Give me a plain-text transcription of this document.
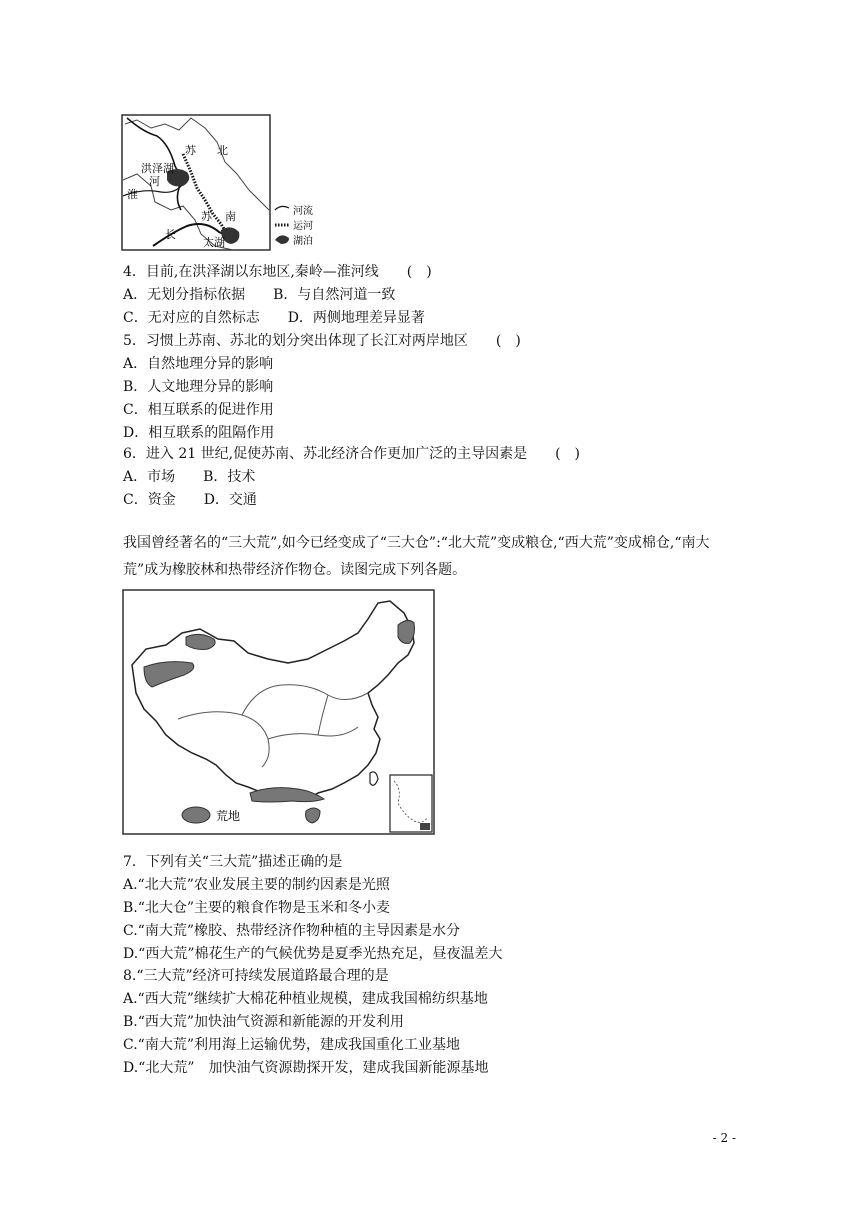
苏 北
洪泽湖
河
淮
苏 南
长
太湖
河流
运河
湖泊
4．目前,在洪泽湖以东地区,秦岭—淮河线　　(　)
A．无划分指标依据　　B．与自然河道一致
C．无对应的自然标志　　D．两侧地理差异显著
5．习惯上苏南、苏北的划分突出体现了长江对两岸地区　　(　)
A．自然地理分异的影响
B．人文地理分异的影响
C．相互联系的促进作用
D．相互联系的阻隔作用
6．进入 21 世纪,促使苏南、苏北经济合作更加广泛的主导因素是　　(　)
A．市场　　B．技术
C．资金　　D．交通
我国曾经著名的“三大荒”,如今已经变成了“三大仓”:“北大荒”变成粮仓,“西大荒”变成棉仓,“南大荒”成为橡胶林和热带经济作物仓。读图完成下列各题。
荒地
7．下列有关“三大荒”描述正确的是
A.“北大荒”农业发展主要的制约因素是光照
B.“北大仓”主要的粮食作物是玉米和冬小麦
C.“南大荒”橡胶、热带经济作物种植的主导因素是水分
D.“西大荒”棉花生产的气候优势是夏季光热充足，昼夜温差大
8.“三大荒”经济可持续发展道路最合理的是
A.“西大荒”继续扩大棉花种植业规模，建成我国棉纺织基地
B.“西大荒”加快油气资源和新能源的开发利用
C.“南大荒”利用海上运输优势，建成我国重化工业基地
D.“北大荒”　加快油气资源勘探开发，建成我国新能源基地
- 2 -
